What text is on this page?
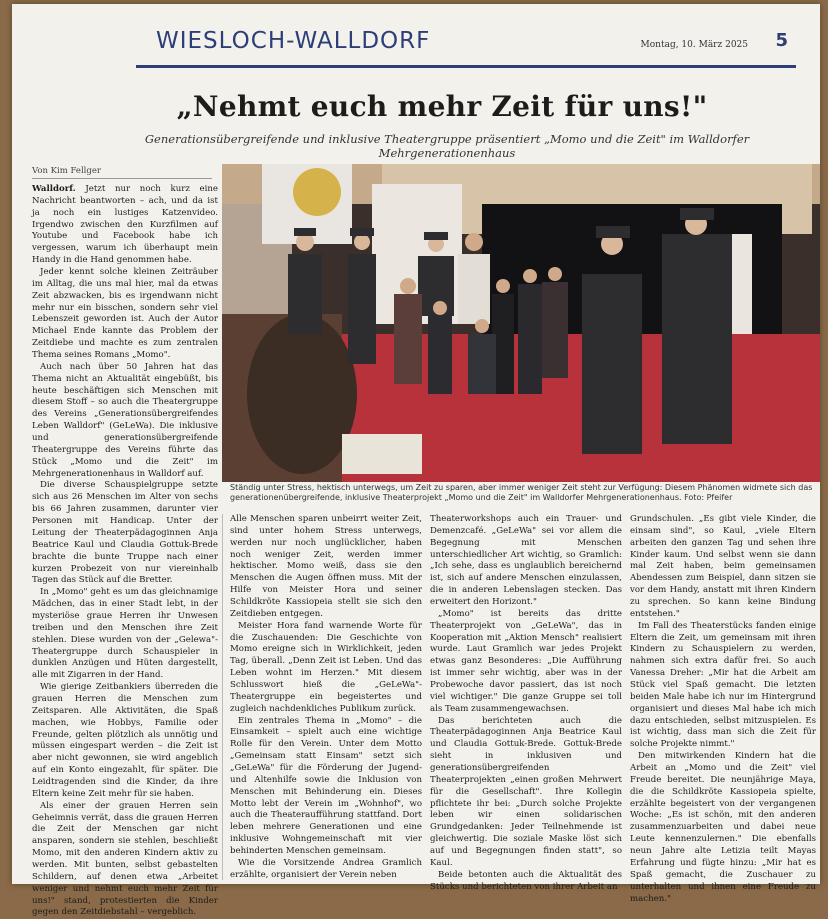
WIESLOCH-WALLDORF	Montag, 10. März 2025 5
„Nehmt euch mehr Zeit für uns!"
Generationsübergreifende und inklusive Theatergruppe präsentiert „Momo und die Zeit" im Walldorfer Mehrgenerationenhaus
Von Kim Fellger
Ständig unter Stress, hektisch unterwegs, um Zeit zu sparen, aber immer weniger Zeit steht zur Verfügung: Diesem Phänomen widmete sich das generationenübergreifende, inklusive Theaterprojekt „Momo und die Zeit" im Walldorfer Mehrgenerationenhaus. Foto: Pfeifer

Walldorf. Jetzt nur noch kurz eine Nachricht beantworten – ach, und da ist ja noch ein lustiges Katzenvideo. Irgendwo zwischen den Kurzfilmen auf Youtube und Facebook habe ich vergessen, warum ich überhaupt mein Handy in die Hand genommen habe.

Jeder kennt solche kleinen Zeiträuber im Alltag, die uns mal hier, mal da etwas Zeit abzwacken, bis es irgendwann nicht mehr nur ein bisschen, sondern sehr viel Lebenszeit geworden ist. Auch der Autor Michael Ende kannte das Problem der Zeitdiebe und machte es zum zentralen Thema seines Romans „Momo".

Auch nach über 50 Jahren hat das Thema nicht an Aktualität eingebüßt, bis heute beschäftigen sich Menschen mit diesem Stoff – so auch die Theatergruppe des Vereins „Generationsübergreifendes Leben Walldorf" (GeLeWa). Die inklusive und generationsübergreifende Theatergruppe des Vereins führte das Stück „Momo und die Zeit" im Mehrgenerationenhaus in Walldorf auf.

Die diverse Schauspielgruppe setzte sich aus 26 Menschen im Alter von sechs bis 66 Jahren zusammen, darunter vier Personen mit Handicap. Unter der Leitung der Theaterpädagoginnen Anja Beatrice Kaul und Claudia Gottuk-Brede brachte die bunte Truppe nach einer kurzen Probezeit von nur viereinhalb Tagen das Stück auf die Bretter.

In „Momo" geht es um das gleichnamige Mädchen, das in einer Stadt lebt, in der mysteriöse graue Herren ihr Unwesen treiben und den Menschen ihre Zeit stehlen. Diese wurden von der „Gelewa"-Theatergruppe durch Schauspieler in dunklen Anzügen und Hüten dargestellt, alle mit Zigarren in der Hand.

Wie gierige Zeitbankiers überreden die grauen Herren die Menschen zum Zeitsparen. Alle Aktivitäten, die Spaß machen, wie Hobbys, Familie oder Freunde, gelten plötzlich als unnötig und müssen eingespart werden – die Zeit ist aber nicht gewonnen, sie wird angeblich auf ein Konto eingezahlt, für später. Die Leidtragenden sind die Kinder, da ihre Eltern keine Zeit mehr für sie haben.

Als einer der grauen Herren sein Geheimnis verrät, dass die grauen Herren die Zeit der Menschen gar nicht ansparen, sondern sie stehlen, beschließt Momo, mit den anderen Kindern aktiv zu werden. Mit bunten, selbst gebastelten Schildern, auf denen etwa „Arbeitet weniger und nehmt euch mehr Zeit für uns!" stand, protestierten die Kinder gegen den Zeitdiebstahl – vergeblich.

Alle Menschen sparen unbeirrt weiter Zeit, sind unter hohem Stress unterwegs, werden nur noch unglücklicher, haben noch weniger Zeit, werden immer hektischer. Momo weiß, dass sie den Menschen die Augen öffnen muss. Mit der Hilfe von Meister Hora und seiner Schildkröte Kassiopeia stellt sie sich den Zeitdieben entgegen.

Meister Hora fand warnende Worte für die Zuschauenden: Die Geschichte von Momo ereigne sich in Wirklichkeit, jeden Tag, überall. „Denn Zeit ist Leben. Und das Leben wohnt im Herzen." Mit diesem Schlusswort hieß die „GeLeWa"-Theatergruppe ein begeistertes und zugleich nachdenkliches Publikum zurück.

Ein zentrales Thema in „Momo" – die Einsamkeit – spielt auch eine wichtige Rolle für den Verein. Unter dem Motto „Gemeinsam statt Einsam" setzt sich „GeLeWa" für die Förderung der Jugend- und Altenhilfe sowie die Inklusion von Menschen mit Behinderung ein. Dieses Motto lebt der Verein im „Wohnhof", wo auch die Theateraufführung stattfand. Dort leben mehrere Generationen und eine inklusive Wohngemeinschaft mit vier behinderten Menschen gemeinsam.

Wie die Vorsitzende Andrea Gramlich erzählte, organisiert der Verein neben

Theaterworkshops auch ein Trauer- und Demenzcafé. „GeLeWa" sei vor allem die Begegnung mit Menschen unterschiedlicher Art wichtig, so Gramlich: „Ich sehe, dass es unglaublich bereichernd ist, sich auf andere Menschen einzulassen, die in anderen Lebenslagen stecken. Das erweitert den Horizont."

„Momo" ist bereits das dritte Theaterprojekt von „GeLeWa", das in Kooperation mit „Aktion Mensch" realisiert wurde. Laut Gramlich war jedes Projekt etwas ganz Besonderes: „Die Aufführung ist immer sehr wichtig, aber was in der Probewoche davor passiert, das ist noch viel wichtiger." Die ganze Gruppe sei toll als Team zusammengewachsen.

Das berichteten auch die Theaterpädagoginnen Anja Beatrice Kaul und Claudia Gottuk-Brede. Gottuk-Brede sieht in inklusiven und generationsübergreifenden Theaterprojekten „einen großen Mehrwert für die Gesellschaft". Ihre Kollegin pflichtete ihr bei: „Durch solche Projekte leben wir einen solidarischen Grundgedanken: Jeder Teilnehmende ist gleichwertig. Die soziale Maske löst sich auf und Begegnungen finden statt", so Kaul.

Beide betonten auch die Aktualität des Stücks und berichteten von ihrer Arbeit an

Grundschulen. „Es gibt viele Kinder, die einsam sind", so Kaul, „viele Eltern arbeiten den ganzen Tag und sehen ihre Kinder kaum. Und selbst wenn sie dann mal Zeit haben, beim gemeinsamen Abendessen zum Beispiel, dann sitzen sie vor dem Handy, anstatt mit ihren Kindern zu sprechen. So kann keine Bindung entstehen."

Im Fall des Theaterstücks fanden einige Eltern die Zeit, um gemeinsam mit ihren Kindern zu Schauspielern zu werden, nahmen sich extra dafür frei. So auch Vanessa Dreher: „Mir hat die Arbeit am Stück viel Spaß gemacht. Die letzten beiden Male habe ich nur im Hintergrund organisiert und dieses Mal habe ich mich dazu entschieden, selbst mitzuspielen. Es ist wichtig, dass man sich die Zeit für solche Projekte nimmt."

Den mitwirkenden Kindern hat die Arbeit an „Momo und die Zeit" viel Freude bereitet. Die neunjährige Maya, die die Schildkröte Kassiopeia spielte, erzählte begeistert von der vergangenen Woche: „Es ist schön, mit den anderen zusammenzuarbeiten und dabei neue Leute kennenzulernen." Die ebenfalls neun Jahre alte Letizia teilt Mayas Erfahrung und fügte hinzu: „Mir hat es Spaß gemacht, die Zuschauer zu unterhalten und ihnen eine Freude zu machen."
